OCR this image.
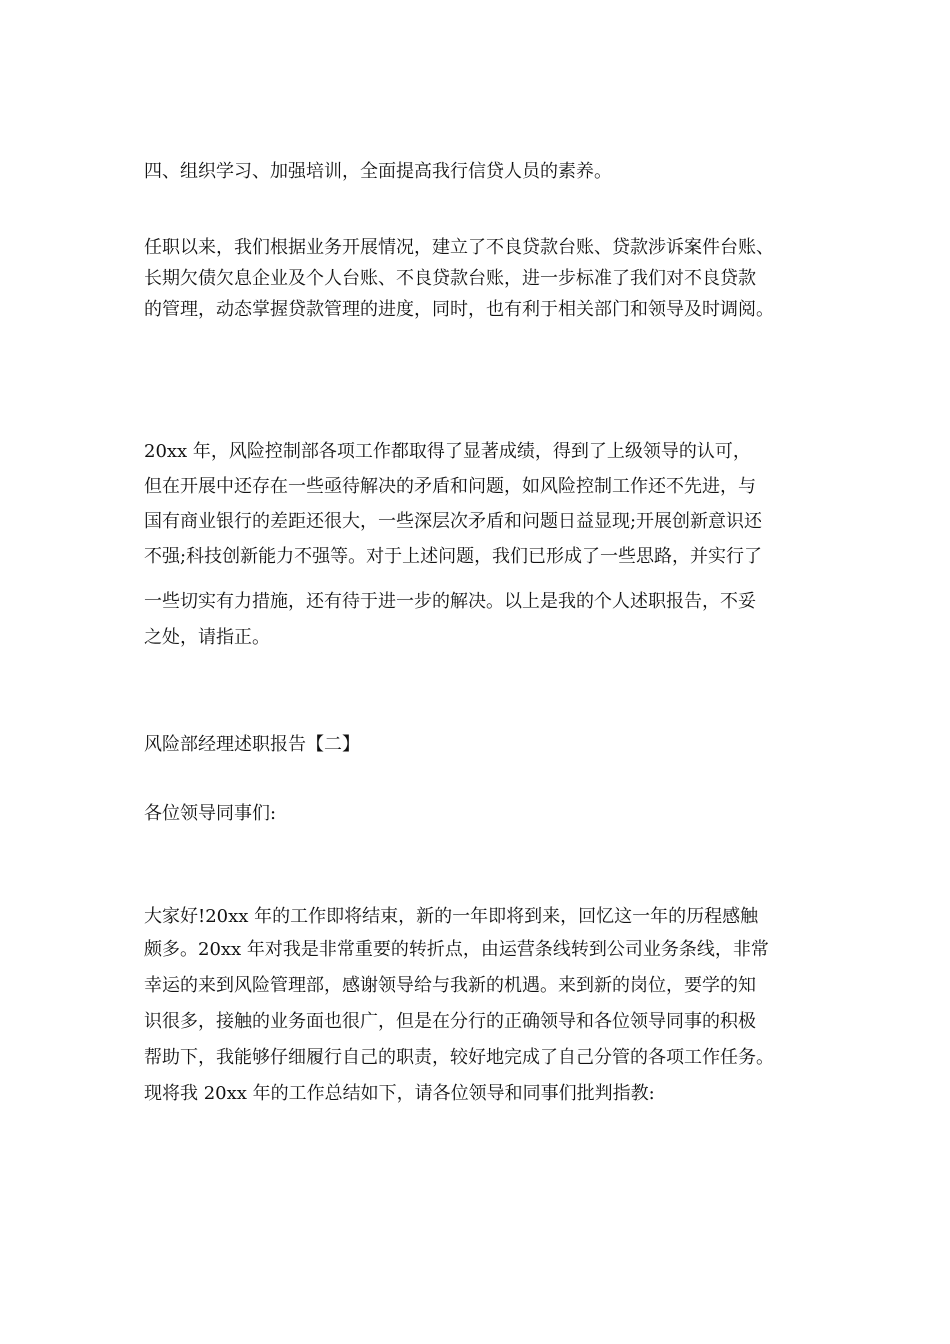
四、组织学习、加强培训，全面提高我行信贷人员的素养。

任职以来，我们根据业务开展情况，建立了不良贷款台账、贷款涉诉案件台账、

长期欠债欠息企业及个人台账、不良贷款台账，进一步标准了我们对不良贷款

的管理，动态掌握贷款管理的进度，同时，也有利于相关部门和领导及时调阅。

20xx 年，风险控制部各项工作都取得了显著成绩，得到了上级领导的认可，

但在开展中还存在一些亟待解决的矛盾和问题，如风险控制工作还不先进，与

国有商业银行的差距还很大，一些深层次矛盾和问题日益显现;开展创新意识还

不强;科技创新能力不强等。对于上述问题，我们已形成了一些思路，并实行了

一些切实有力措施，还有待于进一步的解决。以上是我的个人述职报告，不妥

之处，请指正。

风险部经理述职报告【二】

各位领导同事们:

大家好!20xx 年的工作即将结束，新的一年即将到来，回忆这一年的历程感触

颇多。20xx 年对我是非常重要的转折点，由运营条线转到公司业务条线，非常

幸运的来到风险管理部，感谢领导给与我新的机遇。来到新的岗位，要学的知

识很多，接触的业务面也很广，但是在分行的正确领导和各位领导同事的积极

帮助下，我能够仔细履行自己的职责，较好地完成了自己分管的各项工作任务。

现将我 20xx 年的工作总结如下，请各位领导和同事们批判指教:
